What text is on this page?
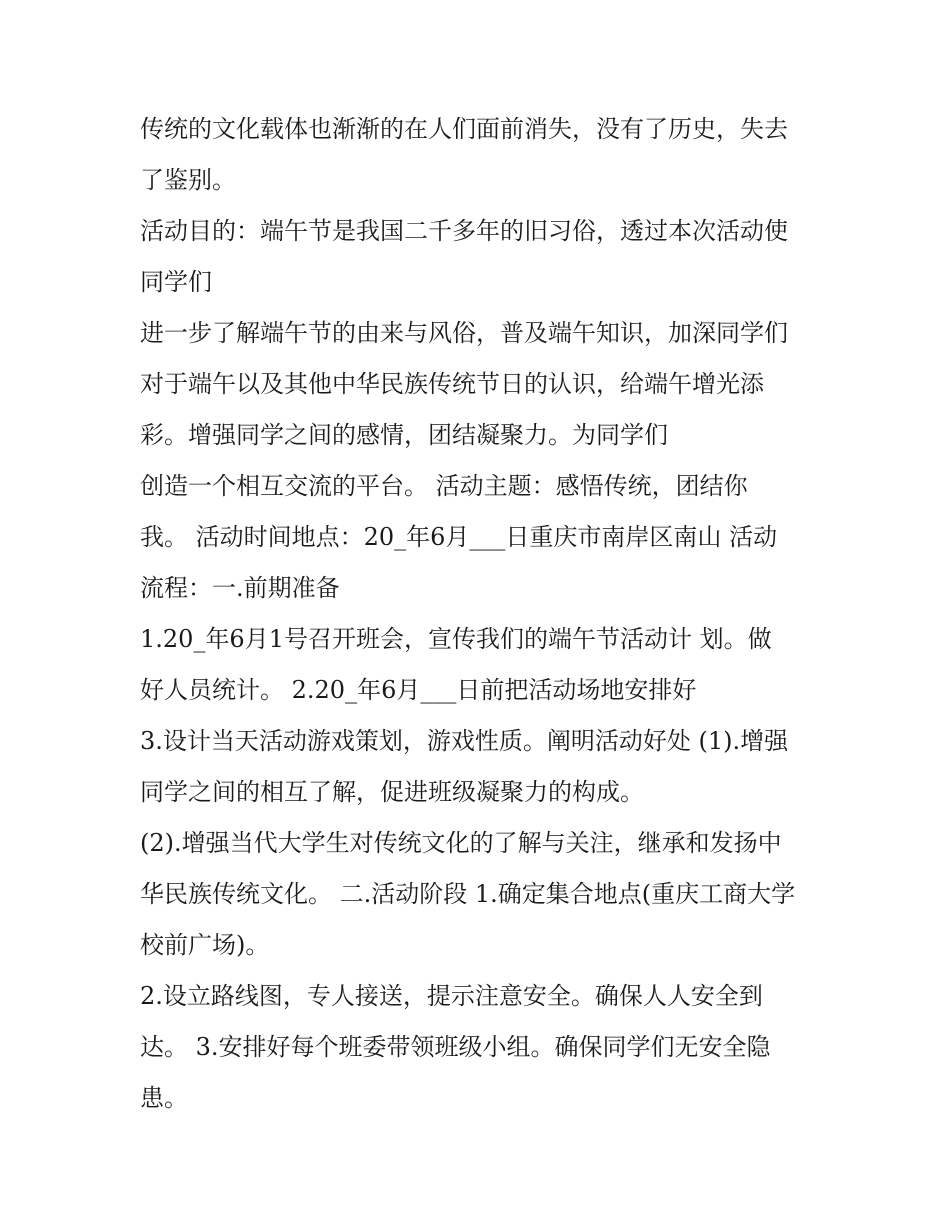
传统的文化载体也渐渐的在人们面前消失，没有了历史，失去
了鉴别。
活动目的：端午节是我国二千多年的旧习俗，透过本次活动使
同学们
进一步了解端午节的由来与风俗，普及端午知识，加深同学们
对于端午以及其他中华民族传统节日的认识，给端午增光添
彩。增强同学之间的感情，团结凝聚力。为同学们
创造一个相互交流的平台。 活动主题：感悟传统，团结你
我。 活动时间地点：20_年6月___日重庆市南岸区南山 活动
流程：一.前期准备
1.20_年6月1号召开班会，宣传我们的端午节活动计 划。做
好人员统计。 2.20_年6月___日前把活动场地安排好
3.设计当天活动游戏策划，游戏性质。阐明活动好处 (1).增强
同学之间的相互了解，促进班级凝聚力的构成。
(2).增强当代大学生对传统文化的了解与关注，继承和发扬中
华民族传统文化。 二.活动阶段 1.确定集合地点(重庆工商大学
校前广场)。
2.设立路线图，专人接送，提示注意安全。确保人人安全到
达。 3.安排好每个班委带领班级小组。确保同学们无安全隐
患。
